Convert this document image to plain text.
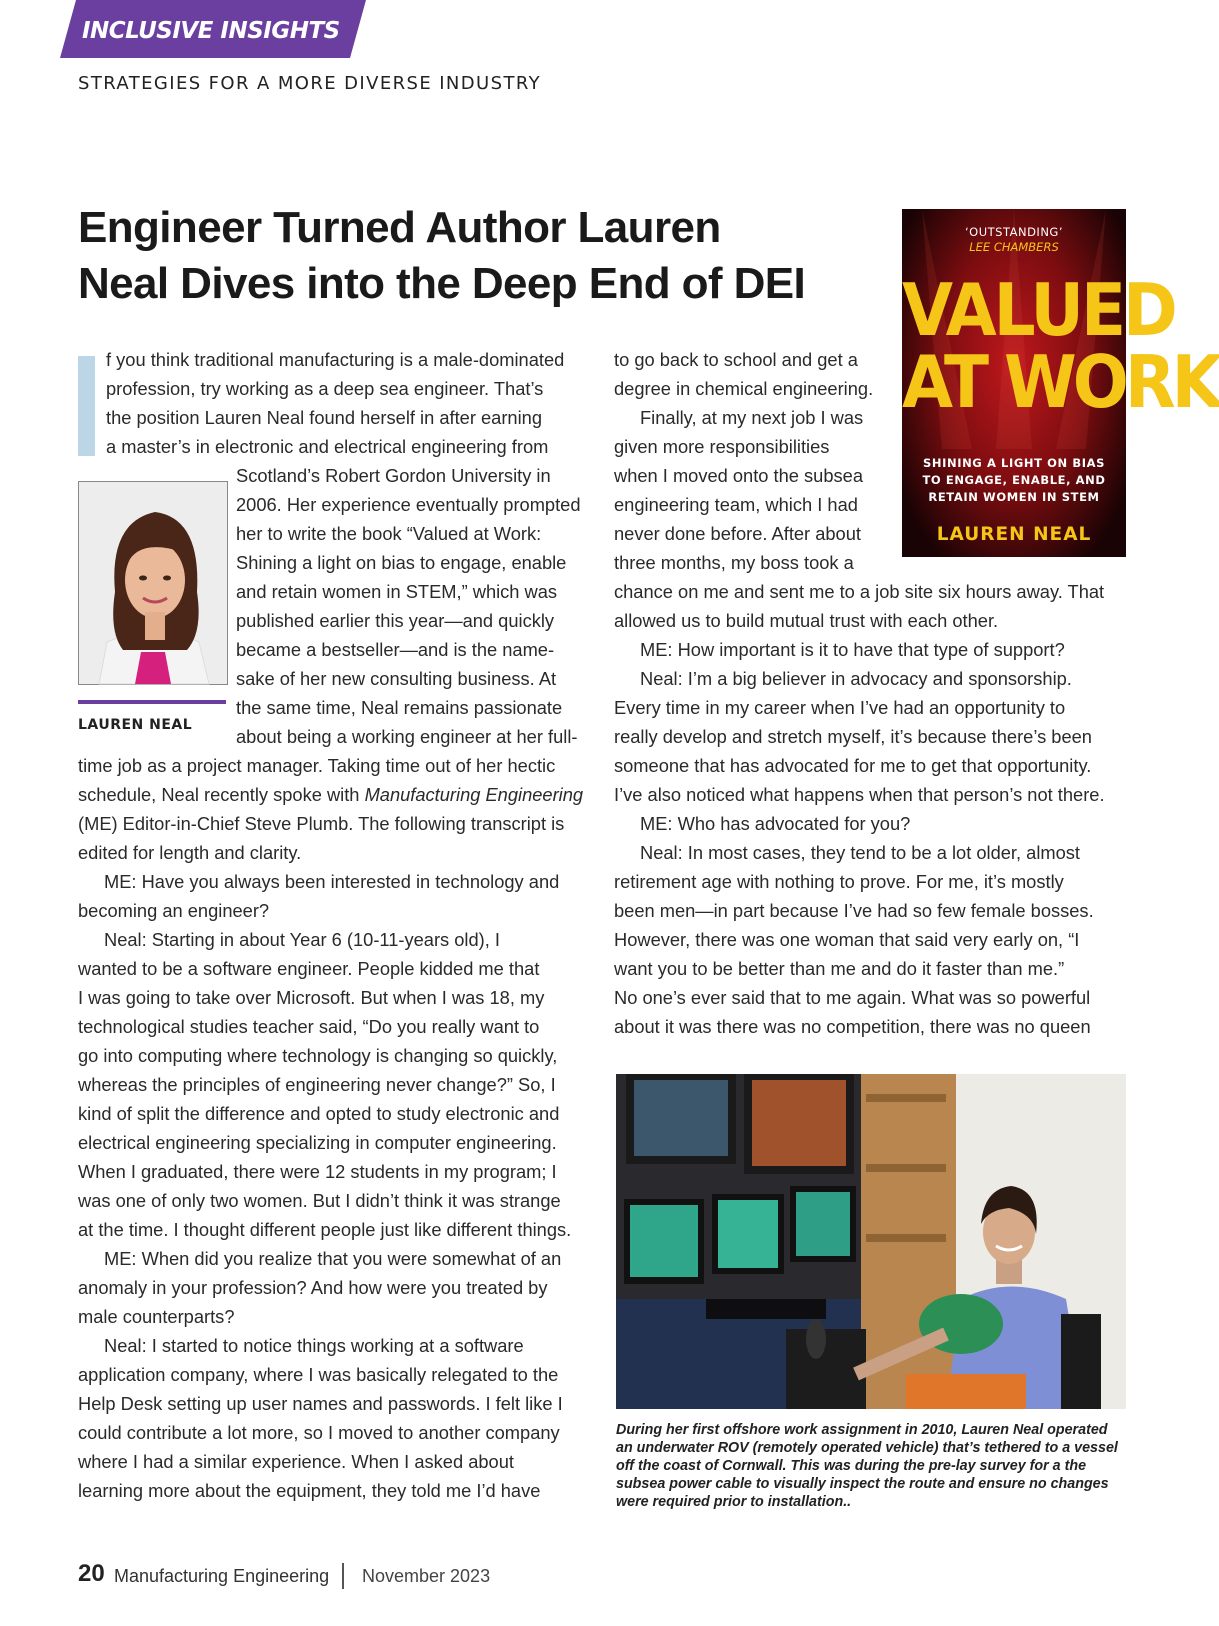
INCLUSIVE INSIGHTS
STRATEGIES FOR A MORE DIVERSE INDUSTRY
Engineer Turned Author Lauren Neal Dives into the Deep End of DEI
LAUREN NEAL
f you think traditional manufacturing is a male-dominated
profession, try working as a deep sea engineer. That’s
the position Lauren Neal found herself in after earning
a master’s in electronic and electrical engineering from
Scotland’s Robert Gordon University in
2006. Her experience eventually prompted
her to write the book “Valued at Work:
Shining a light on bias to engage, enable
and retain women in STEM,” which was
published earlier this year—and quickly
became a bestseller—and is the name-
sake of her new consulting business. At
the same time, Neal remains passionate
about being a working engineer at her full-
time job as a project manager. Taking time out of her hectic
schedule, Neal recently spoke with Manufacturing Engineering
(ME) Editor-in-Chief Steve Plumb. The following transcript is
edited for length and clarity.
ME: Have you always been interested in technology and
becoming an engineer?
Neal: Starting in about Year 6 (10-11-years old), I
wanted to be a software engineer. People kidded me that
I was going to take over Microsoft. But when I was 18, my
technological studies teacher said, “Do you really want to
go into computing where technology is changing so quickly,
whereas the principles of engineering never change?” So, I
kind of split the difference and opted to study electronic and
electrical engineering specializing in computer engineering.
When I graduated, there were 12 students in my program; I
was one of only two women. But I didn’t think it was strange
at the time. I thought different people just like different things.
ME: When did you realize that you were somewhat of an
anomaly in your profession? And how were you treated by
male counterparts?
Neal: I started to notice things working at a software
application company, where I was basically relegated to the
Help Desk setting up user names and passwords. I felt like I
could contribute a lot more, so I moved to another company
where I had a similar experience. When I asked about
learning more about the equipment, they told me I’d have
to go back to school and get a
degree in chemical engineering.
Finally, at my next job I was
given more responsibilities
when I moved onto the subsea
engineering team, which I had
never done before. After about
three months, my boss took a
chance on me and sent me to a job site six hours away. That
allowed us to build mutual trust with each other.
ME: How important is it to have that type of support?
Neal: I’m a big believer in advocacy and sponsorship.
Every time in my career when I’ve had an opportunity to
really develop and stretch myself, it’s because there’s been
someone that has advocated for me to get that opportunity.
I’ve also noticed what happens when that person’s not there.
ME: Who has advocated for you?
Neal: In most cases, they tend to be a lot older, almost
retirement age with nothing to prove. For me, it’s mostly
been men—in part because I’ve had so few female bosses.
However, there was one woman that said very early on, “I
want you to be better than me and do it faster than me.”
No one’s ever said that to me again. What was so powerful
about it was there was no competition, there was no queen
‘OUTSTANDING’
LEE CHAMBERS
VALUED
AT WORK
SHINING A LIGHT ON BIAS TO ENGAGE, ENABLE, AND RETAIN WOMEN IN STEM
LAUREN NEAL
During her first offshore work assignment in 2010, Lauren Neal operated an underwater ROV (remotely operated vehicle) that’s tethered to a vessel off the coast of Cornwall. This was during the pre-lay survey for a the subsea power cable to visually inspect the route and ensure no changes were required prior to installation..
20 Manufacturing Engineering November 2023
